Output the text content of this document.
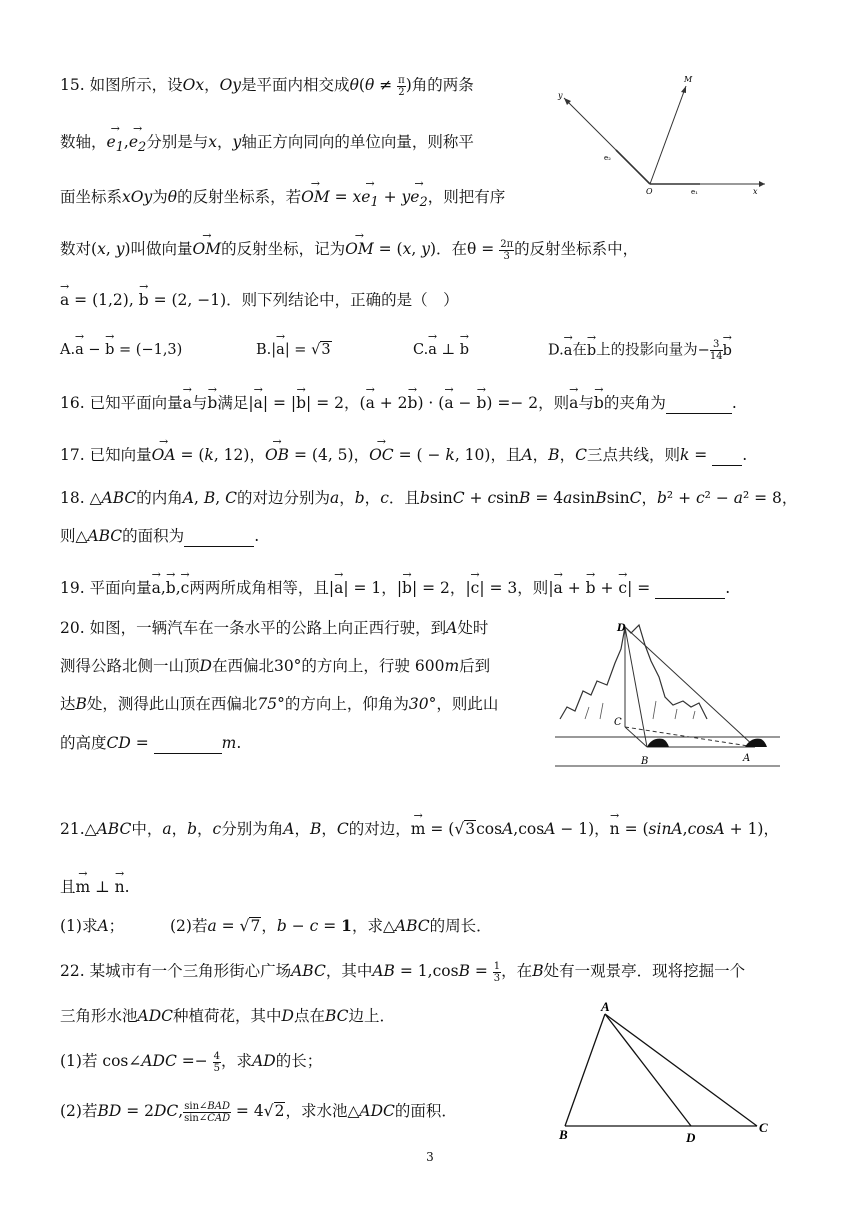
15. 如图所示，设Ox，Oy是平面内相交成$\theta(\theta \ne \frac{\pi}{2}$ )角的两条
数轴，→ $e_1,\to e_2$分别是与x，y轴正方向同向的单位向量，则称平
面坐标系xOy为θ的反射坐标系，若→ OM = $x\to e_1 + y\to e_2$，则把有序
数对(x, y)叫做向量→ OM的反射坐标，记为→ OM = (x, y)．在$\theta = \frac{2\pi}{3}$ 的反射坐标系中，
→ a = (1,2), → b = (2, −1)．则下列结论中，正确的是（　）
A.→ a − → b = (−1,3)	B.|→ a| = √3	C.→ a ⊥ → b	D.→ a在→ b上的投影向量为− $\frac{3}{14}$
→ b
y
M
O	x
e₁
e₂
16. 已知平面向量→ a与→ b满足|→ a| = |→ b| = 2，(→ a + 2→ b) · (→ a − → b) =− 2，则→ a与→ b的夹角为	.
17. 已知向量→ OA = (k, 12)，→ OB = (4, 5)，→ OC = ( − k, 10)，且A，B，C三点共线，则k =  .
18. △ABC的内角A, B, C的对边分别为a，b，c．且bsinC + csinB = 4asinBsinC，b² + c² − a² = 8，
则△ABC的面积为	.
19. 平面向量→ a,→ b,→ c两两所成角相等，且|→ a| = 1，|→ b| = 2，|→ c| = 3，则|→ a + → b + → c| =	.
20. 如图，一辆汽车在一条水平的公路上向正西行驶，到A处时
测得公路北侧一山顶D在西偏北30°的方向上，行驶 600m后到
达B处，测得此山顶在西偏北75°的方向上，仰角为30°，则此山
的高度CD =	m.
D
C
B	A
21.△ABC中，a，b，c分别为角A，B，C的对边，→ m = (√3cosA,cosA − 1)，→ n = (sinA,cosA + 1)，
且→ m ⊥ → n.
(1)求A；	(2)若a = √7，b − c = 1，求△ABC的周长．
22. 某城市有一个三角形街心广场ABC，其中AB = $1,\cos B = \frac{1}{3}$ ，在B处有一观景亭．现将挖掘一个
三角形水池ADC种植荷花，其中D点在BC边上．
(1)若 cos∠ADC =− $\frac{4}{5}$ ，求AD的长；
(2)若BD = 2DC, $\frac{\text{sin∠BAD}}{\text{sin∠CAD}} = 4√2$，求水池△ADC的面积．
A
B	D
C
3
